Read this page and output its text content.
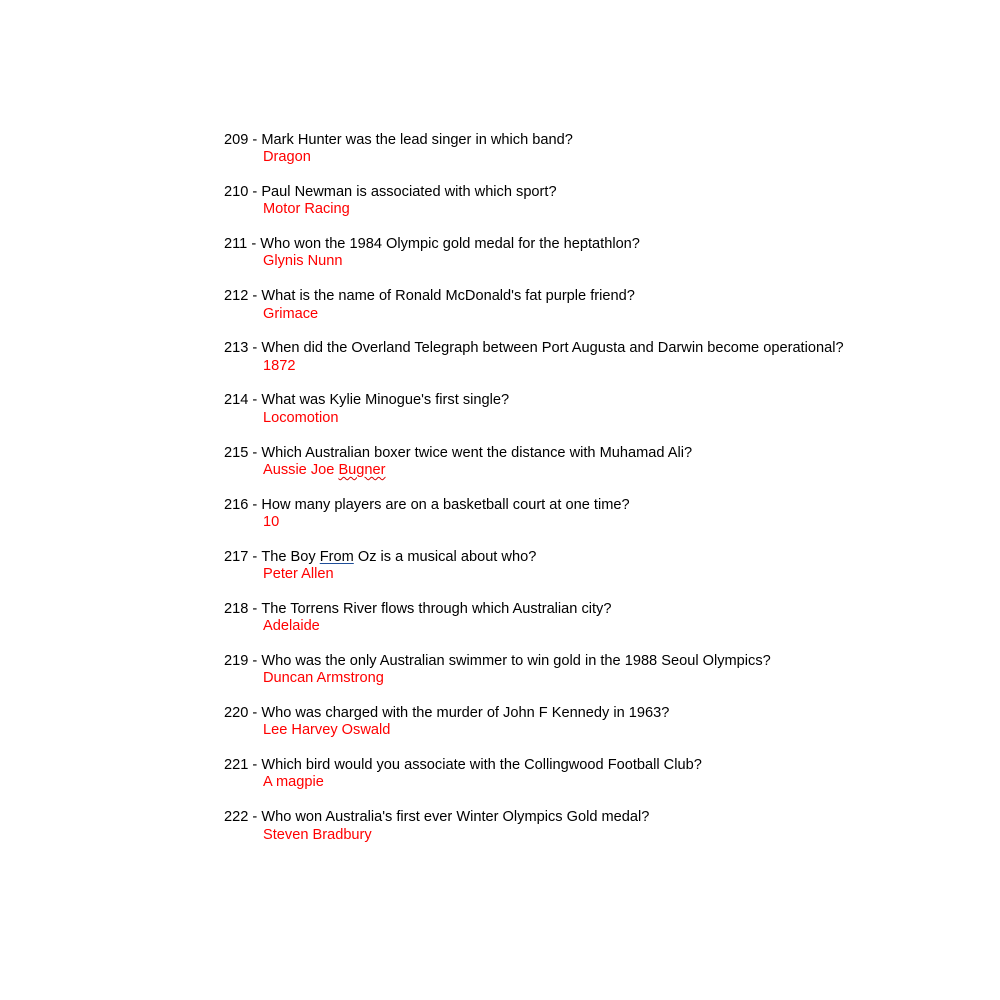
209 - Mark Hunter was the lead singer in which band?
Dragon
210 - Paul Newman is associated with which sport?
Motor Racing
211 - Who won the 1984 Olympic gold medal for the heptathlon?
Glynis Nunn
212 - What is the name of Ronald McDonald's fat purple friend?
Grimace
213 - When did the Overland Telegraph between Port Augusta and Darwin become operational?
1872
214 - What was Kylie Minogue's first single?
Locomotion
215 - Which Australian boxer twice went the distance with Muhamad Ali?
Aussie Joe Bugner
216 - How many players are on a basketball court at one time?
10
217 - The Boy From Oz is a musical about who?
Peter Allen
218 - The Torrens River flows through which Australian city?
Adelaide
219 - Who was the only Australian swimmer to win gold in the 1988 Seoul Olympics?
Duncan Armstrong
220 - Who was charged with the murder of John F Kennedy in 1963?
Lee Harvey Oswald
221 - Which bird would you associate with the Collingwood Football Club?
A magpie
222 - Who won Australia's first ever Winter Olympics Gold medal?
Steven Bradbury
